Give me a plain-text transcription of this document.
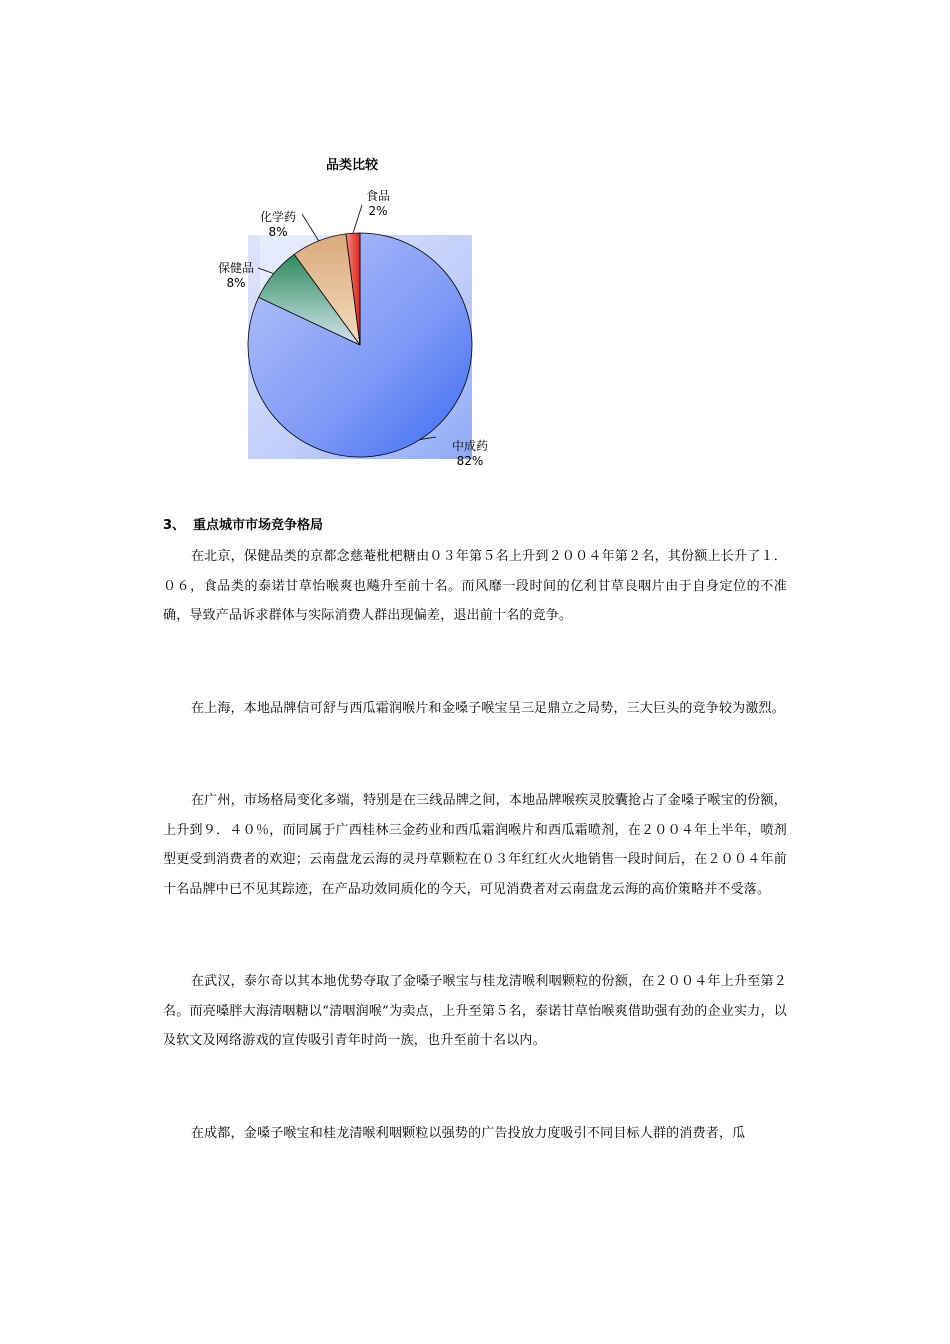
品类比较
中成药
82%
保健品
8%
化学药
8%
食品
2%
3、 重点城市市场竞争格局

在北京，保健品类的京都念慈菴枇杷糖由０３年第５名上升到２００４年第２名，其份额上长升了１．０６，食品类的泰诺甘草怡喉爽也飚升至前十名。而风靡一段时间的亿利甘草良咽片由于自身定位的不准确，导致产品诉求群体与实际消费人群出现偏差，退出前十名的竞争。

在上海，本地品牌信可舒与西瓜霜润喉片和金嗓子喉宝呈三足鼎立之局势，三大巨头的竞争较为激烈。

在广州，市场格局变化多端，特别是在三线品牌之间，本地品牌喉疾灵胶囊抢占了金嗓子喉宝的份额，上升到９．４０％，而同属于广西桂林三金药业和西瓜霜润喉片和西瓜霜喷剂，在２００４年上半年，喷剂型更受到消费者的欢迎；云南盘龙云海的灵丹草颗粒在０３年红红火火地销售一段时间后，在２００４年前十名品牌中已不见其踪迹，在产品功效同质化的今天，可见消费者对云南盘龙云海的高价策略并不受落。

在武汉，泰尔奇以其本地优势夺取了金嗓子喉宝与桂龙清喉利咽颗粒的份额，在２００４年上升至第２名。而亮嗓胖大海清咽糖以“清咽润喉”为卖点，上升至第５名，泰诺甘草怡喉爽借助强有劲的企业实力，以及软文及网络游戏的宣传吸引青年时尚一族，也升至前十名以内。

在成都，金嗓子喉宝和桂龙清喉利咽颗粒以强势的广告投放力度吸引不同目标人群的消费者，瓜
